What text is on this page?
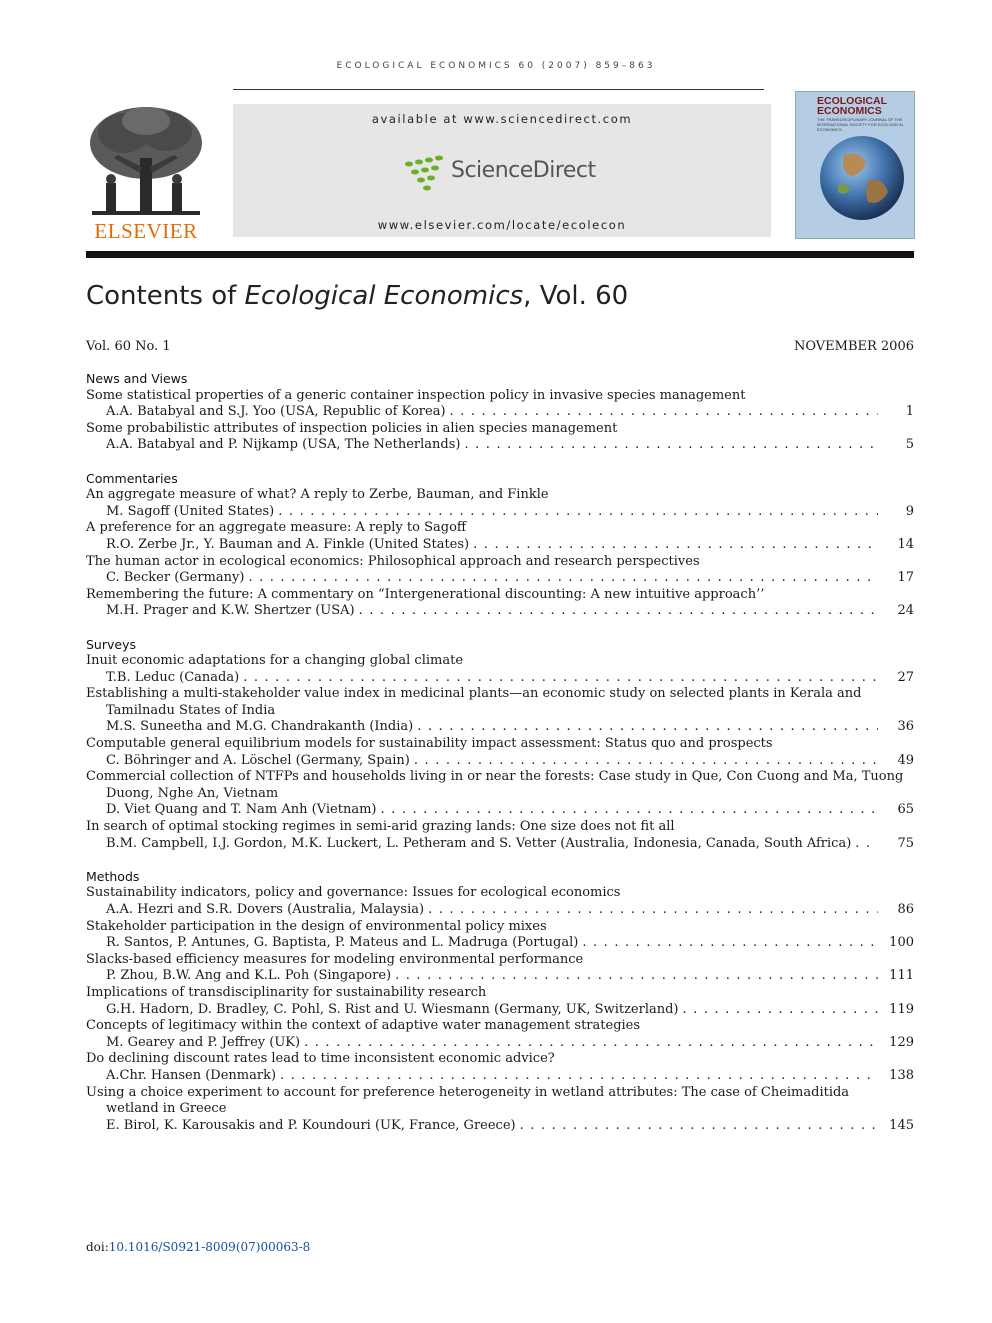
ECOLOGICAL ECONOMICS 60 (2007) 859–863
ELSEVIER
available at www.sciencedirect.com
ScienceDirect
www.elsevier.com/locate/ecolecon
ECOLOGICAL
ECONOMICS
THE TRANSDISCIPLINARY JOURNAL OF THE INTERNATIONAL SOCIETY FOR ECOLOGICAL ECONOMICS
Contents of Ecological Economics, Vol. 60
Vol. 60 No. 1	NOVEMBER 2006
News and Views
Some statistical properties of a generic container inspection policy in invasive species management
A.A. Batabyal and S.J. Yoo (USA, Republic of Korea) . . .	1
Some probabilistic attributes of inspection policies in alien species management
A.A. Batabyal and P. Nijkamp (USA, The Netherlands) . . .	5
Commentaries
An aggregate measure of what? A reply to Zerbe, Bauman, and Finkle
M. Sagoff (United States) . . .	9
A preference for an aggregate measure: A reply to Sagoff
R.O. Zerbe Jr., Y. Bauman and A. Finkle (United States) . . .	14
The human actor in ecological economics: Philosophical approach and research perspectives
C. Becker (Germany) . . .	17
Remembering the future: A commentary on “Intergenerational discounting: A new intuitive approach’’
M.H. Prager and K.W. Shertzer (USA) . . .	24
Surveys
Inuit economic adaptations for a changing global climate
T.B. Leduc (Canada) . . .	27
Establishing a multi-stakeholder value index in medicinal plants—an economic study on selected plants in Kerala and
Tamilnadu States of India
M.S. Suneetha and M.G. Chandrakanth (India) . . .	36
Computable general equilibrium models for sustainability impact assessment: Status quo and prospects
C. Böhringer and A. Löschel (Germany, Spain) . . .	49
Commercial collection of NTFPs and households living in or near the forests: Case study in Que, Con Cuong and Ma, Tuong
Duong, Nghe An, Vietnam
D. Viet Quang and T. Nam Anh (Vietnam) . . .	65
In search of optimal stocking regimes in semi-arid grazing lands: One size does not fit all
B.M. Campbell, I.J. Gordon, M.K. Luckert, L. Petheram and S. Vetter (Australia, Indonesia, Canada, South Africa) . . .	75
Methods
Sustainability indicators, policy and governance: Issues for ecological economics
A.A. Hezri and S.R. Dovers (Australia, Malaysia) . . .	86
Stakeholder participation in the design of environmental policy mixes
R. Santos, P. Antunes, G. Baptista, P. Mateus and L. Madruga (Portugal) . . .	100
Slacks-based efficiency measures for modeling environmental performance
P. Zhou, B.W. Ang and K.L. Poh (Singapore) . . .	111
Implications of transdisciplinarity for sustainability research
G.H. Hadorn, D. Bradley, C. Pohl, S. Rist and U. Wiesmann (Germany, UK, Switzerland) . . .	119
Concepts of legitimacy within the context of adaptive water management strategies
M. Gearey and P. Jeffrey (UK) . . .	129
Do declining discount rates lead to time inconsistent economic advice?
A.Chr. Hansen (Denmark) . . .	138
Using a choice experiment to account for preference heterogeneity in wetland attributes: The case of Cheimaditida
wetland in Greece
E. Birol, K. Karousakis and P. Koundouri (UK, France, Greece) . . .	145
doi:10.1016/S0921-8009(07)00063-8
